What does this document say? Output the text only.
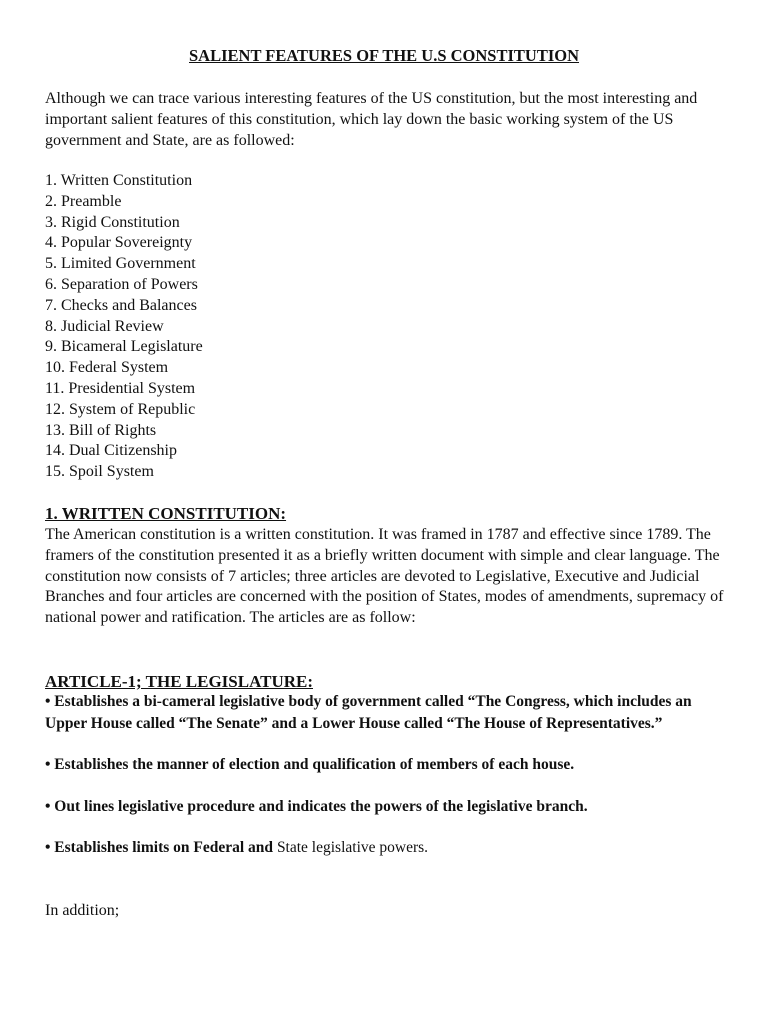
SALIENT FEATURES OF THE U.S CONSTITUTION

Although we can trace various interesting features of the US constitution, but the most interesting and important salient features of this constitution, which lay down the basic working system of the US government and State, are as followed:

1. Written Constitution
2. Preamble
3. Rigid Constitution
4. Popular Sovereignty
5. Limited Government
6. Separation of Powers
7. Checks and Balances
8. Judicial Review
9. Bicameral Legislature
10. Federal System
11. Presidential System
12. System of Republic
13. Bill of Rights
14. Dual Citizenship
15. Spoil System
1. WRITTEN CONSTITUTION:

The American constitution is a written constitution. It was framed in 1787 and effective since 1789. The framers of the constitution presented it as a briefly written document with simple and clear language. The constitution now consists of 7 articles; three articles are devoted to Legislative, Executive and Judicial Branches and four articles are concerned with the position of States, modes of amendments, supremacy of national power and ratification. The articles are as follow:

ARTICLE-1; THE LEGISLATURE:
• Establishes a bi-cameral legislative body of government called “The Congress, which includes an Upper House called “The Senate” and a Lower House called “The House of Representatives.”
• Establishes the manner of election and qualification of members of each house.
• Out lines legislative procedure and indicates the powers of the legislative branch.
• Establishes limits on Federal and State legislative powers.

In addition;
